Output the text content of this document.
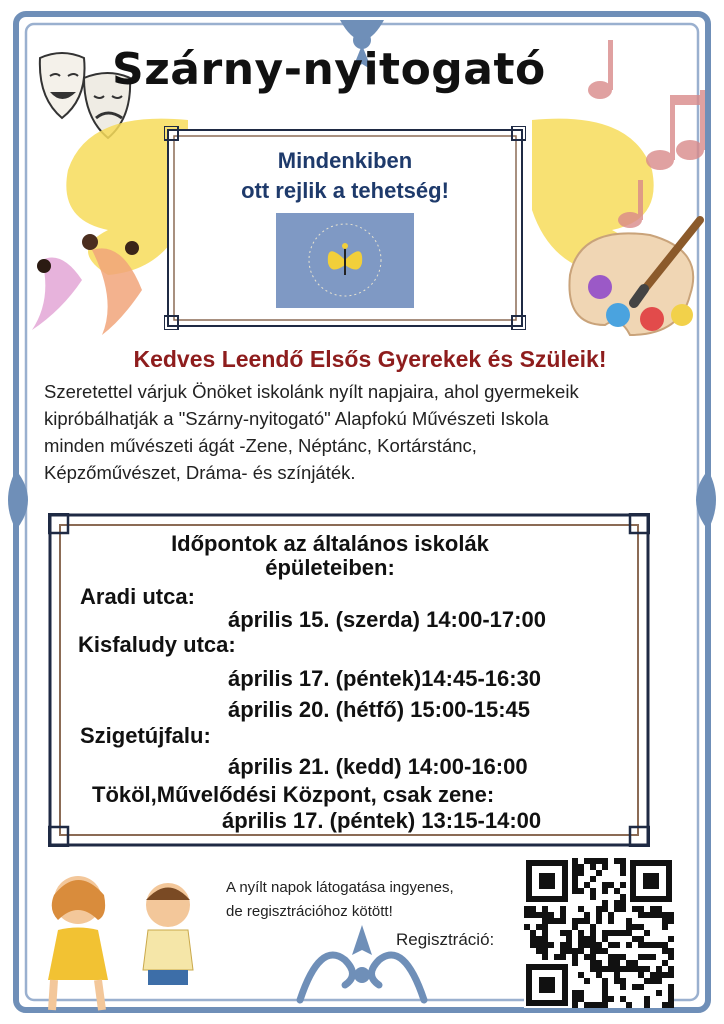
Szárny-nyitogató
Mindenkiben
ott rejlik a tehetség!
Kedves Leendő Elsős Gyerekek és Szüleik!
Szeretettel várjuk Önöket iskolánk nyílt napjaira, ahol gyermekeik
kipróbálhatják a "Szárny-nyitogató" Alapfokú Művészeti Iskola
minden művészeti ágát -Zene, Néptánc, Kortárstánc,
Képzőművészet, Dráma- és színjáték.
Időpontok az általános iskolák
épületeiben:
Aradi utca:
április 15. (szerda) 14:00-17:00
Kisfaludy utca:
április 17. (péntek)14:45-16:30
április 20. (hétfő) 15:00-15:45
Szigetújfalu:
április 21. (kedd) 14:00-16:00
Tököl,Művelődési Központ, csak zene:
április 17. (péntek) 13:15-14:00
A nyílt napok látogatása ingyenes,
de regisztrációhoz kötött!
Regisztráció:
